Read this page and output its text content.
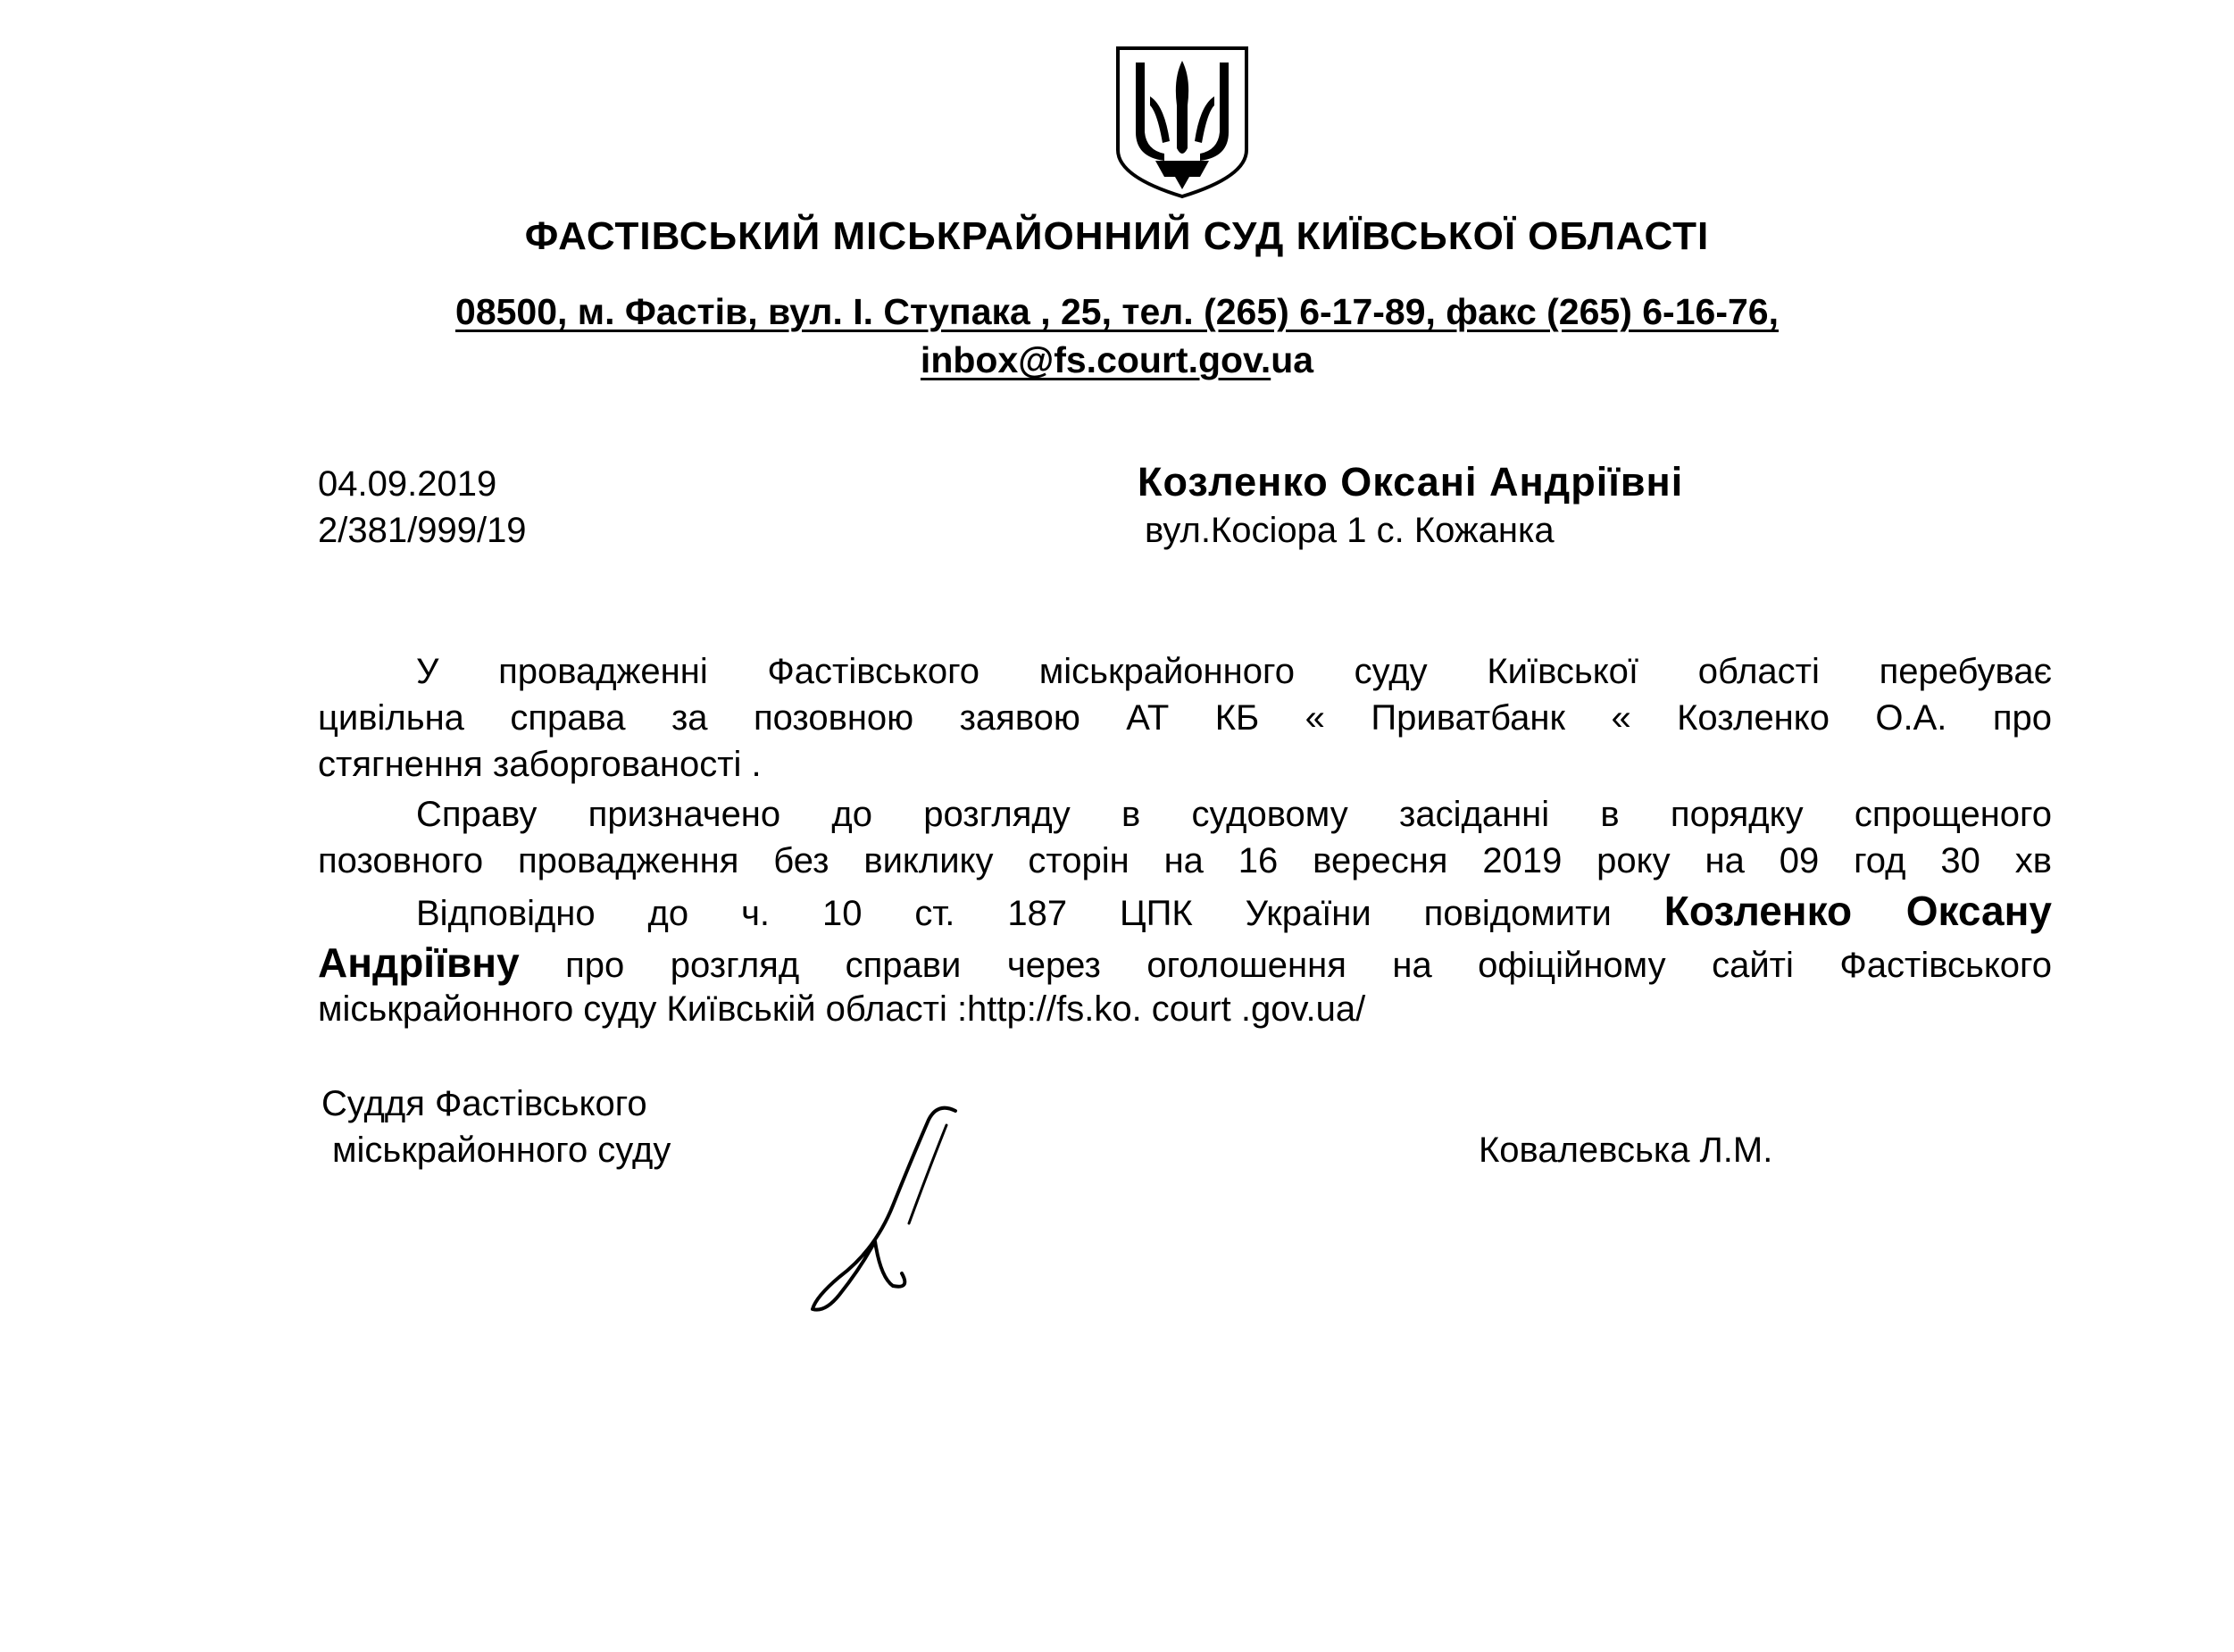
ФАСТІВСЬКИЙ МІСЬКРАЙОННИЙ СУД КИЇВСЬКОЇ ОБЛАСТІ
08500, м. Фастів, вул. І. Ступака , 25, тел. (265) 6-17-89, факс (265) 6-16-76,
inbox@fs.court.gov.ua
04.09.2019
2/381/999/19
Козленко Оксані Андріївні
вул.Косіора 1 с. Кожанка
У провадженні Фастівського міськрайонного суду Київської області перебуває
цивільна справа за позовною заявою АТ КБ « Приватбанк « Козленко О.А. про
стягнення заборгованості .
Справу призначено до розгляду в судовому засіданні в порядку спрощеного
позовного провадження без виклику сторін на 16 вересня 2019 року на 09 год 30 хв
Відповідно до ч. 10 ст. 187 ЦПК України повідомити Козленко Оксану
Андріївну про розгляд справи через оголошення на офіційному сайті Фастівського
міськрайонного суду Київській області :http://fs.ko. court .gov.ua/
Суддя Фастівського
міськрайонного суду	Ковалевська Л.М.
